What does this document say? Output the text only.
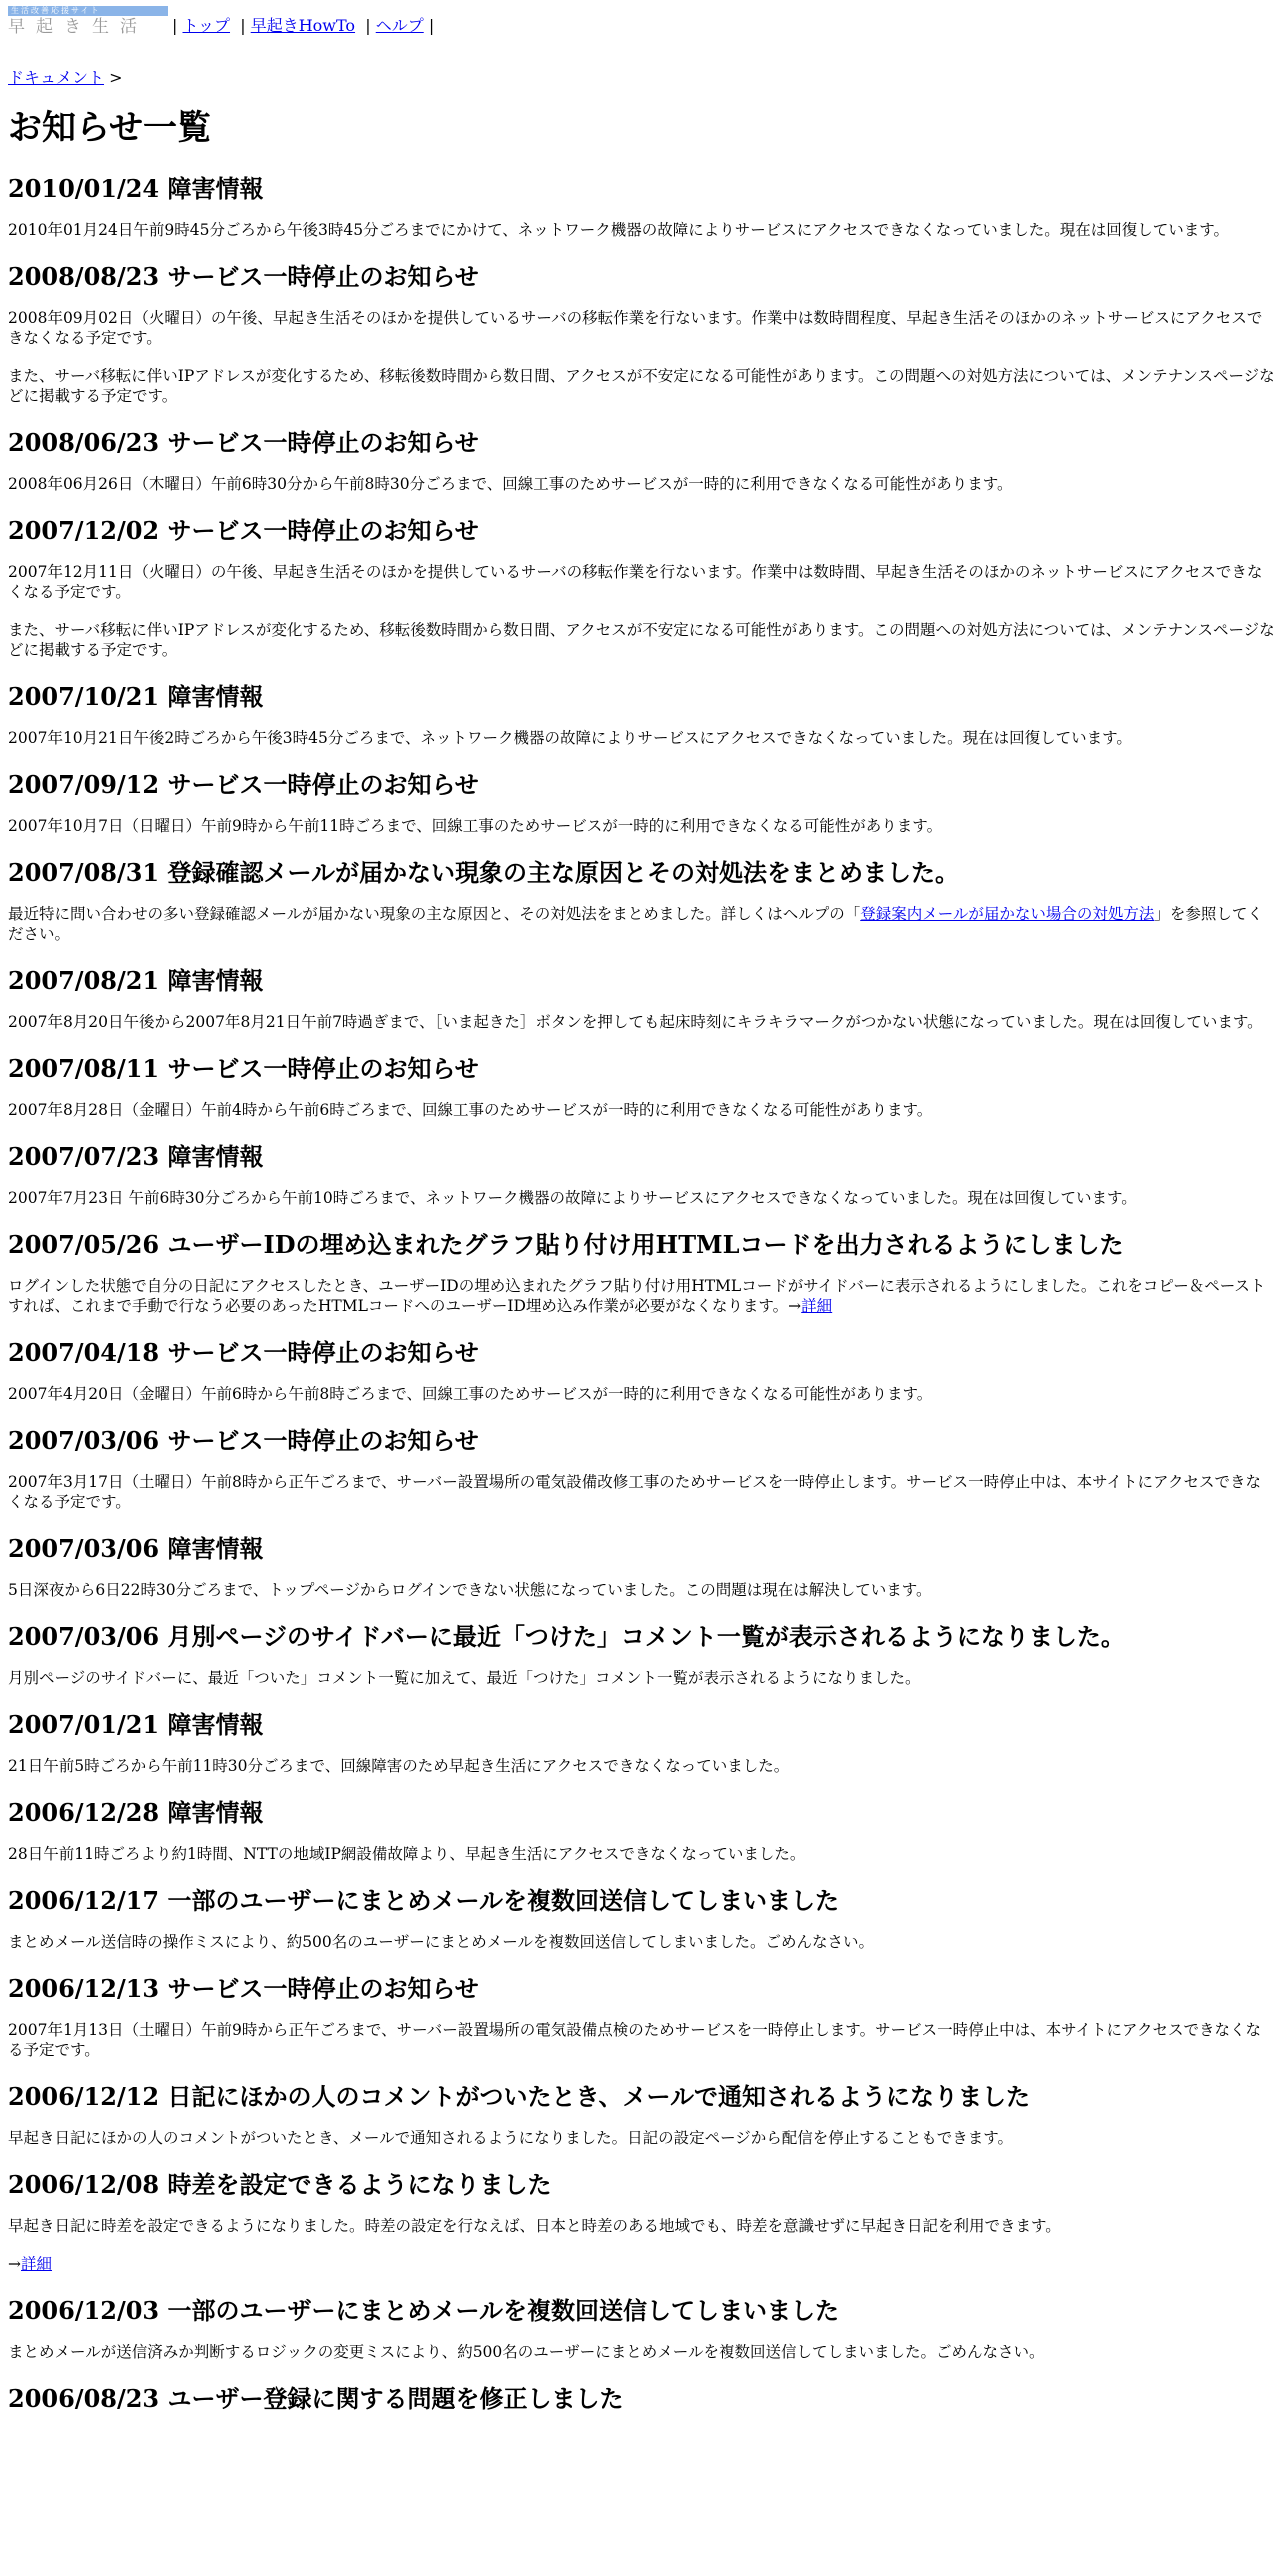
生活改善応援サイト
早起き生活	| トップ  | 早起きHowTo  | ヘルプ |
ドキュメント >
お知らせ一覧
2010/01/24 障害情報

2010年01月24日午前9時45分ごろから午後3時45分ごろまでにかけて、ネットワーク機器の故障によりサービスにアクセスできなくなっていました。現在は回復しています。

2008/08/23 サービス一時停止のお知らせ

2008年09月02日（火曜日）の午後、早起き生活そのほかを提供しているサーバの移転作業を行ないます。作業中は数時間程度、早起き生活そのほかのネットサービスにアクセスできなくなる予定です。

また、サーバ移転に伴いIPアドレスが変化するため、移転後数時間から数日間、アクセスが不安定になる可能性があります。この問題への対処方法については、メンテナンスページなどに掲載する予定です。

2008/06/23 サービス一時停止のお知らせ

2008年06月26日（木曜日）午前6時30分から午前8時30分ごろまで、回線工事のためサービスが一時的に利用できなくなる可能性があります。

2007/12/02 サービス一時停止のお知らせ

2007年12月11日（火曜日）の午後、早起き生活そのほかを提供しているサーバの移転作業を行ないます。作業中は数時間、早起き生活そのほかのネットサービスにアクセスできなくなる予定です。

また、サーバ移転に伴いIPアドレスが変化するため、移転後数時間から数日間、アクセスが不安定になる可能性があります。この問題への対処方法については、メンテナンスページなどに掲載する予定です。

2007/10/21 障害情報

2007年10月21日午後2時ごろから午後3時45分ごろまで、ネットワーク機器の故障によりサービスにアクセスできなくなっていました。現在は回復しています。

2007/09/12 サービス一時停止のお知らせ

2007年10月7日（日曜日）午前9時から午前11時ごろまで、回線工事のためサービスが一時的に利用できなくなる可能性があります。

2007/08/31 登録確認メールが届かない現象の主な原因とその対処法をまとめました。

最近特に問い合わせの多い登録確認メールが届かない現象の主な原因と、その対処法をまとめました。詳しくはヘルプの「登録案内メールが届かない場合の対処方法」を参照してください。

2007/08/21 障害情報

2007年8月20日午後から2007年8月21日午前7時過ぎまで、［いま起きた］ボタンを押しても起床時刻にキラキラマークがつかない状態になっていました。現在は回復しています。

2007/08/11 サービス一時停止のお知らせ

2007年8月28日（金曜日）午前4時から午前6時ごろまで、回線工事のためサービスが一時的に利用できなくなる可能性があります。

2007/07/23 障害情報

2007年7月23日 午前6時30分ごろから午前10時ごろまで、ネットワーク機器の故障によりサービスにアクセスできなくなっていました。現在は回復しています。

2007/05/26 ユーザーIDの埋め込まれたグラフ貼り付け用HTMLコードを出力されるようにしました

ログインした状態で自分の日記にアクセスしたとき、ユーザーIDの埋め込まれたグラフ貼り付け用HTMLコードがサイドバーに表示されるようにしました。これをコピー＆ペーストすれば、これまで手動で行なう必要のあったHTMLコードへのユーザーID埋め込み作業が必要がなくなります。→詳細

2007/04/18 サービス一時停止のお知らせ

2007年4月20日（金曜日）午前6時から午前8時ごろまで、回線工事のためサービスが一時的に利用できなくなる可能性があります。

2007/03/06 サービス一時停止のお知らせ

2007年3月17日（土曜日）午前8時から正午ごろまで、サーバー設置場所の電気設備改修工事のためサービスを一時停止します。サービス一時停止中は、本サイトにアクセスできなくなる予定です。

2007/03/06 障害情報

5日深夜から6日22時30分ごろまで、トップページからログインできない状態になっていました。この問題は現在は解決しています。

2007/03/06 月別ページのサイドバーに最近「つけた」コメント一覧が表示されるようになりました。

月別ページのサイドバーに、最近「ついた」コメント一覧に加えて、最近「つけた」コメント一覧が表示されるようになりました。

2007/01/21 障害情報

21日午前5時ごろから午前11時30分ごろまで、回線障害のため早起き生活にアクセスできなくなっていました。

2006/12/28 障害情報

28日午前11時ごろより約1時間、NTTの地域IP網設備故障より、早起き生活にアクセスできなくなっていました。

2006/12/17 一部のユーザーにまとめメールを複数回送信してしまいました

まとめメール送信時の操作ミスにより、約500名のユーザーにまとめメールを複数回送信してしまいました。ごめんなさい。

2006/12/13 サービス一時停止のお知らせ

2007年1月13日（土曜日）午前9時から正午ごろまで、サーバー設置場所の電気設備点検のためサービスを一時停止します。サービス一時停止中は、本サイトにアクセスできなくなる予定です。

2006/12/12 日記にほかの人のコメントがついたとき、メールで通知されるようになりました

早起き日記にほかの人のコメントがついたとき、メールで通知されるようになりました。日記の設定ページから配信を停止することもできます。

2006/12/08 時差を設定できるようになりました

早起き日記に時差を設定できるようになりました。時差の設定を行なえば、日本と時差のある地域でも、時差を意識せずに早起き日記を利用できます。

→詳細

2006/12/03 一部のユーザーにまとめメールを複数回送信してしまいました

まとめメールが送信済みか判断するロジックの変更ミスにより、約500名のユーザーにまとめメールを複数回送信してしまいました。ごめんなさい。

2006/08/23 ユーザー登録に関する問題を修正しました
